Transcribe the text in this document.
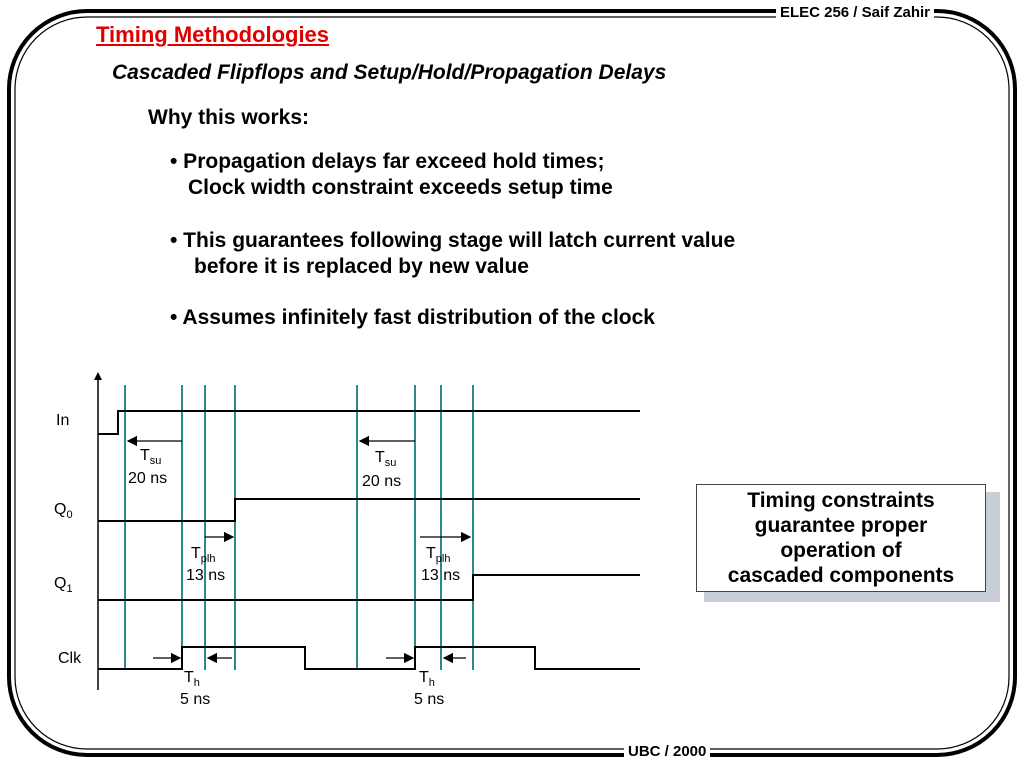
ELEC 256 / Saif Zahir
UBC / 2000
Timing Methodologies
Cascaded Flipflops and Setup/Hold/Propagation Delays
Why this works:
• Propagation delays far exceed hold times;
Clock width constraint exceeds setup time
• This guarantees following stage will latch current value
before it is replaced by new value
• Assumes infinitely fast distribution of the clock
Timing constraints
guarantee proper
operation of
cascaded components
In
$Q_0$
$Q_1$
Clk
$T_{su}$
20 ns
$T_{su}$
20 ns
$T_{plh}$
13 ns
$T_{plh}$
13 ns
$T_h$
5 ns
$T_h$
5 ns
